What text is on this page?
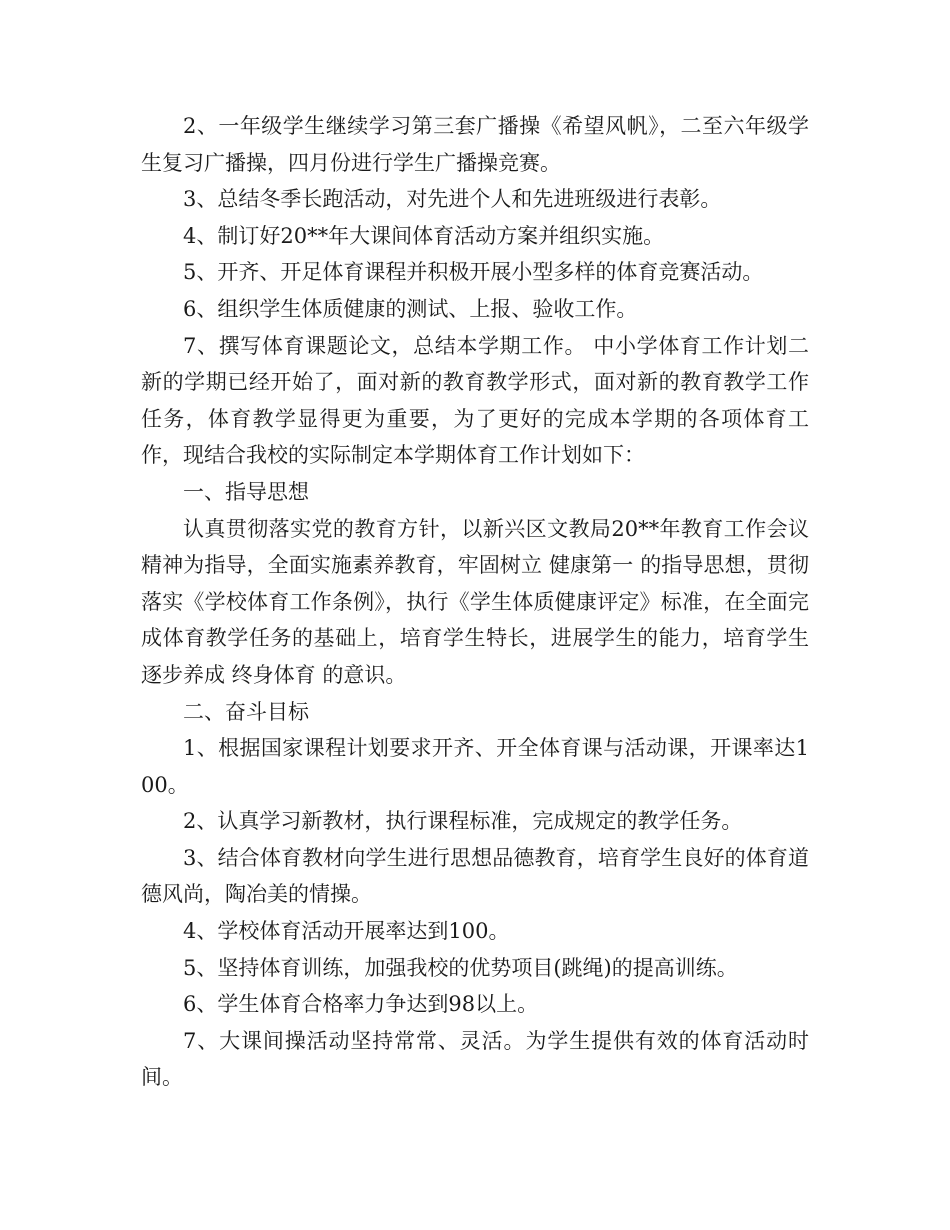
2、一年级学生继续学习第三套广播操《希望风帆》，二至六年级学生复习广播操，四月份进行学生广播操竞赛。

3、总结冬季长跑活动，对先进个人和先进班级进行表彰。

4、制订好20**年大课间体育活动方案并组织实施。

5、开齐、开足体育课程并积极开展小型多样的体育竞赛活动。

6、组织学生体质健康的测试、上报、验收工作。

7、撰写体育课题论文，总结本学期工作。 中小学体育工作计划二 新的学期已经开始了，面对新的教育教学形式，面对新的教育教学工作任务，体育教学显得更为重要，为了更好的完成本学期的各项体育工作，现结合我校的实际制定本学期体育工作计划如下：

一、指导思想

认真贯彻落实党的教育方针，以新兴区文教局20**年教育工作会议精神为指导，全面实施素养教育，牢固树立 健康第一 的指导思想，贯彻落实《学校体育工作条例》，执行《学生体质健康评定》标准，在全面完成体育教学任务的基础上，培育学生特长，进展学生的能力，培育学生逐步养成 终身体育 的意识。

二、奋斗目标

1、根据国家课程计划要求开齐、开全体育课与活动课，开课率达100。

2、认真学习新教材，执行课程标准，完成规定的教学任务。

3、结合体育教材向学生进行思想品德教育，培育学生良好的体育道德风尚，陶冶美的情操。

4、学校体育活动开展率达到100。

5、坚持体育训练，加强我校的优势项目(跳绳)的提高训练。

6、学生体育合格率力争达到98以上。

7、大课间操活动坚持常常、灵活。为学生提供有效的体育活动时间。
